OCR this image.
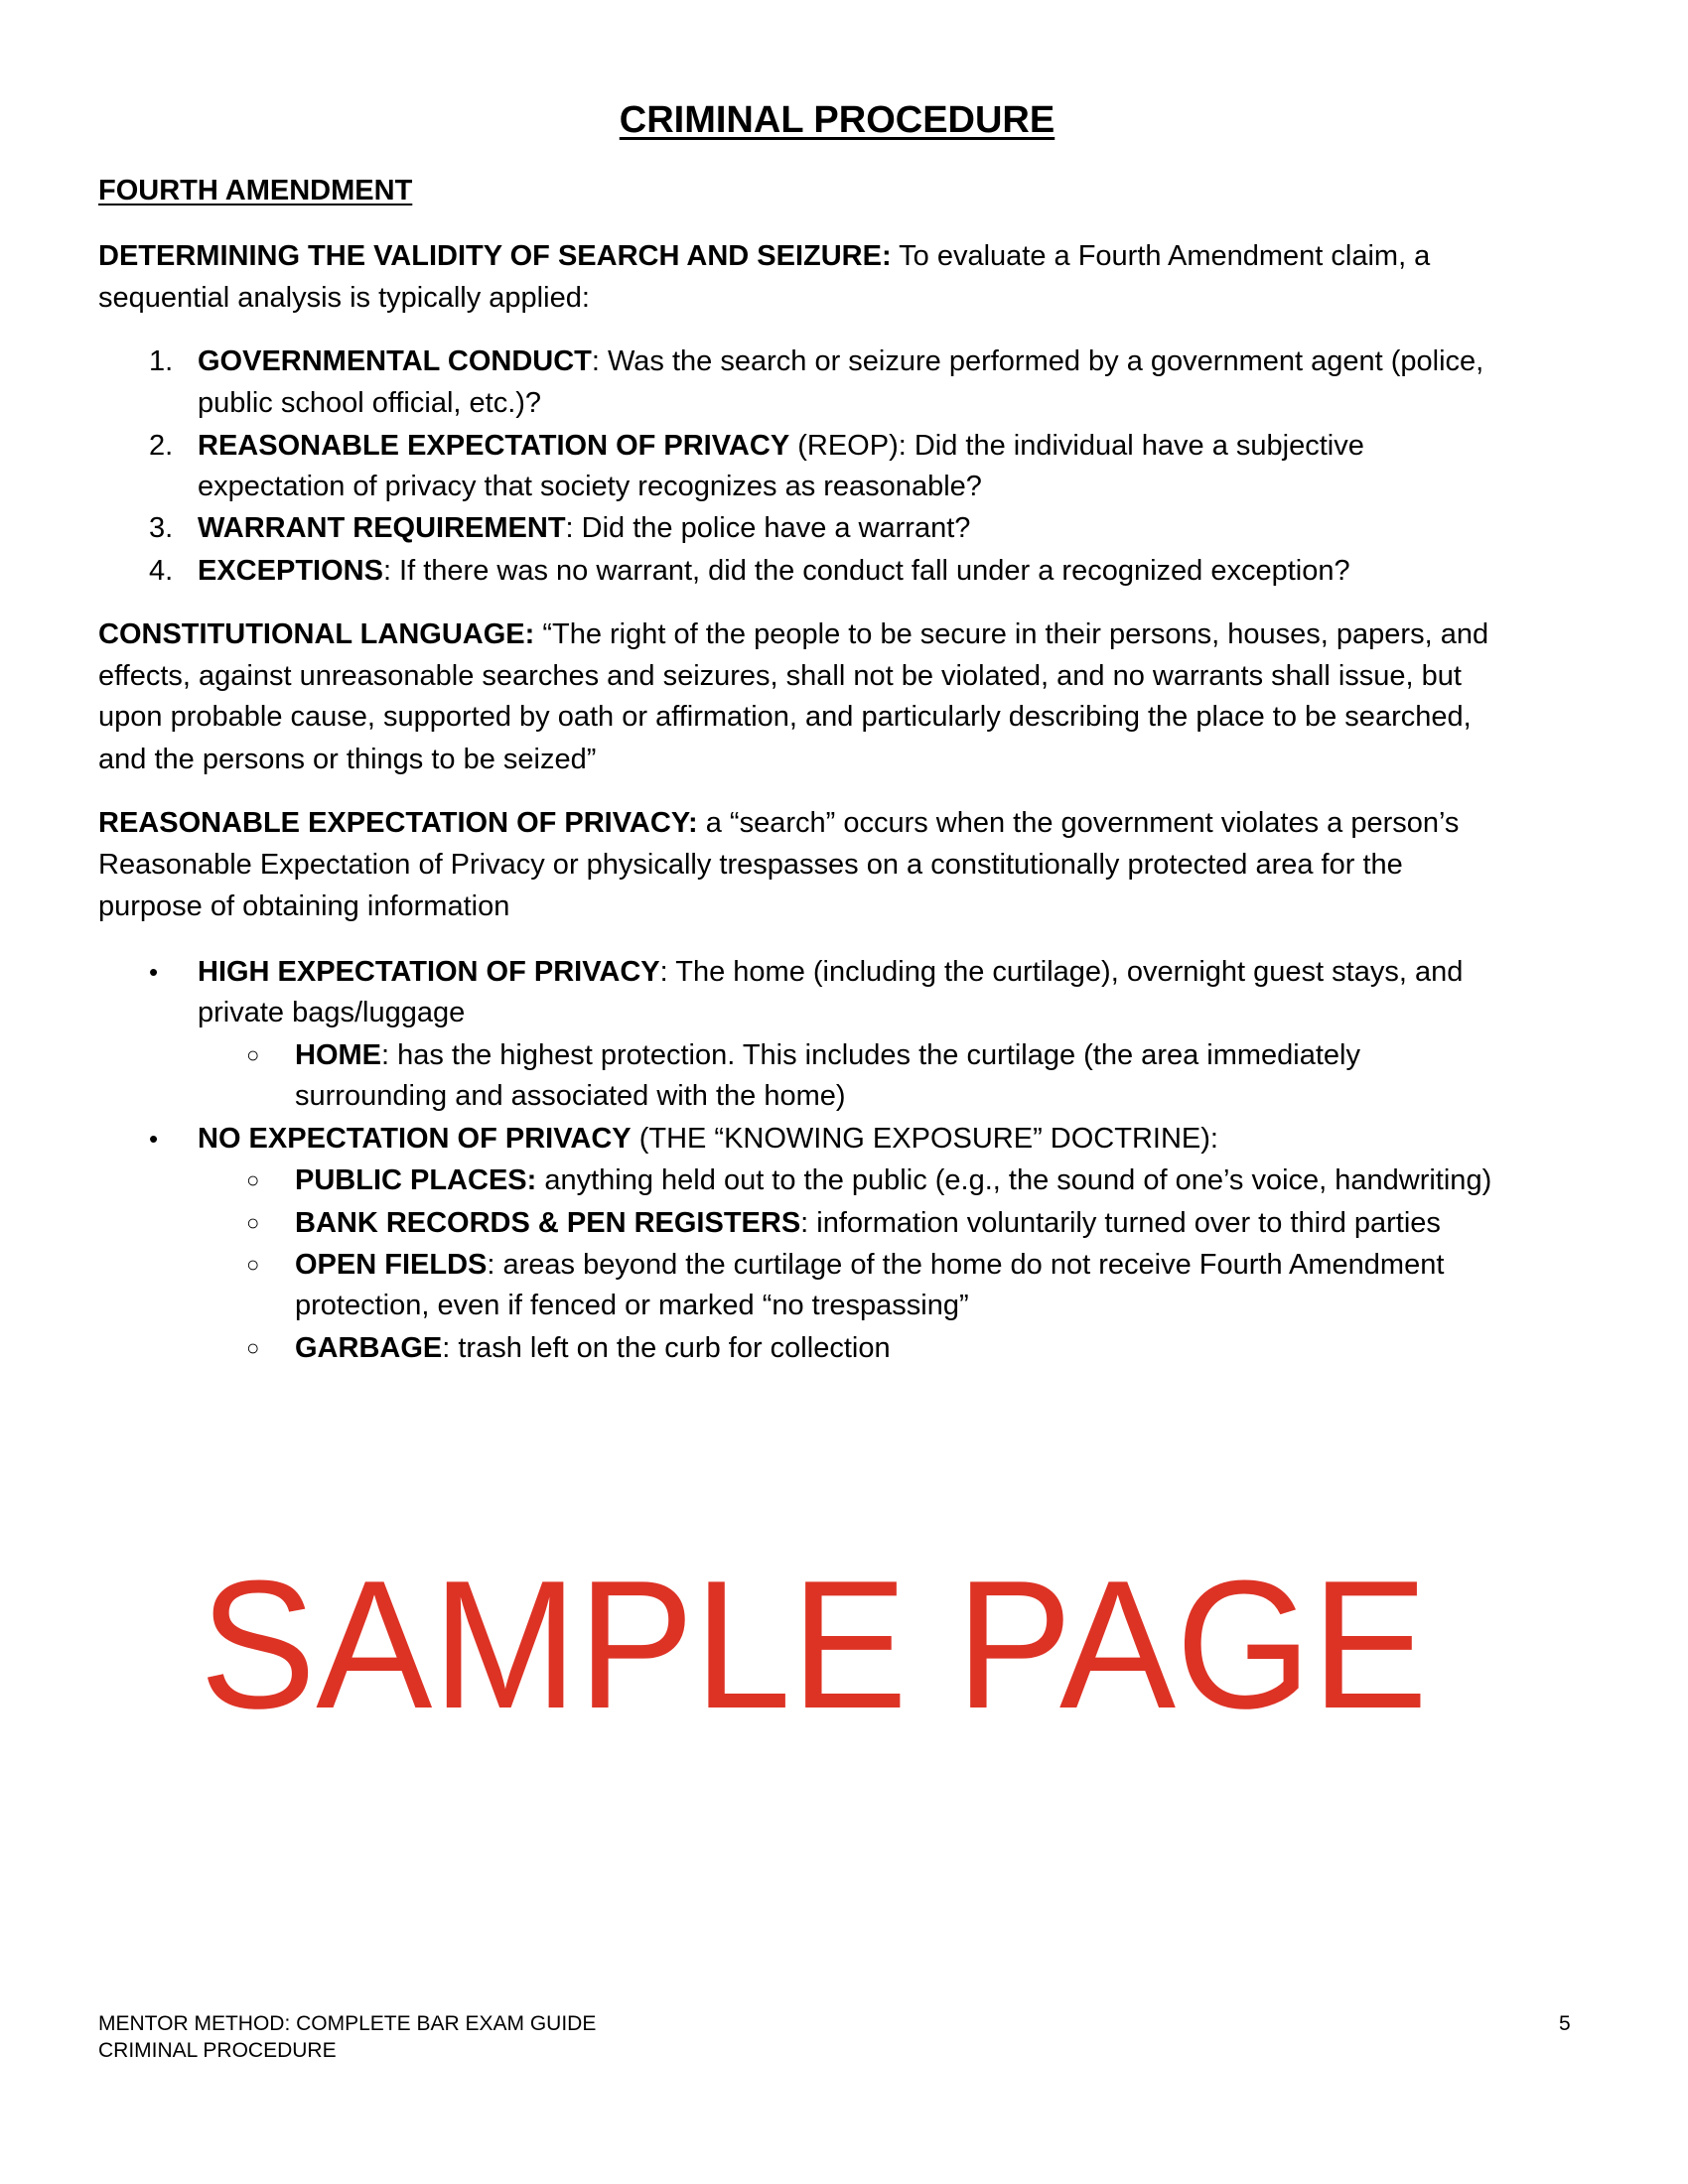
CRIMINAL PROCEDURE
FOURTH AMENDMENT
DETERMINING THE VALIDITY OF SEARCH AND SEIZURE: To evaluate a Fourth Amendment claim, a
sequential analysis is typically applied:
1. GOVERNMENTAL CONDUCT: Was the search or seizure performed by a government agent (police,
public school official, etc.)?
2. REASONABLE EXPECTATION OF PRIVACY (REOP): Did the individual have a subjective
expectation of privacy that society recognizes as reasonable?
3. WARRANT REQUIREMENT: Did the police have a warrant?
4. EXCEPTIONS: If there was no warrant, did the conduct fall under a recognized exception?
CONSTITUTIONAL LANGUAGE: “The right of the people to be secure in their persons, houses, papers, and
effects, against unreasonable searches and seizures, shall not be violated, and no warrants shall issue, but
upon probable cause, supported by oath or affirmation, and particularly describing the place to be searched,
and the persons or things to be seized”
REASONABLE EXPECTATION OF PRIVACY: a “search” occurs when the government violates a person’s
Reasonable Expectation of Privacy or physically trespasses on a constitutionally protected area for the
purpose of obtaining information
• HIGH EXPECTATION OF PRIVACY: The home (including the curtilage), overnight guest stays, and
private bags/luggage
○ HOME: has the highest protection. This includes the curtilage (the area immediately
surrounding and associated with the home)
• NO EXPECTATION OF PRIVACY (THE “KNOWING EXPOSURE” DOCTRINE):
○ PUBLIC PLACES: anything held out to the public (e.g., the sound of one’s voice, handwriting)
○ BANK RECORDS & PEN REGISTERS: information voluntarily turned over to third parties
○ OPEN FIELDS: areas beyond the curtilage of the home do not receive Fourth Amendment
protection, even if fenced or marked “no trespassing”
○ GARBAGE: trash left on the curb for collection
SAMPLE PAGE
MENTOR METHOD: COMPLETE BAR EXAM GUIDE
CRIMINAL PROCEDURE
5
